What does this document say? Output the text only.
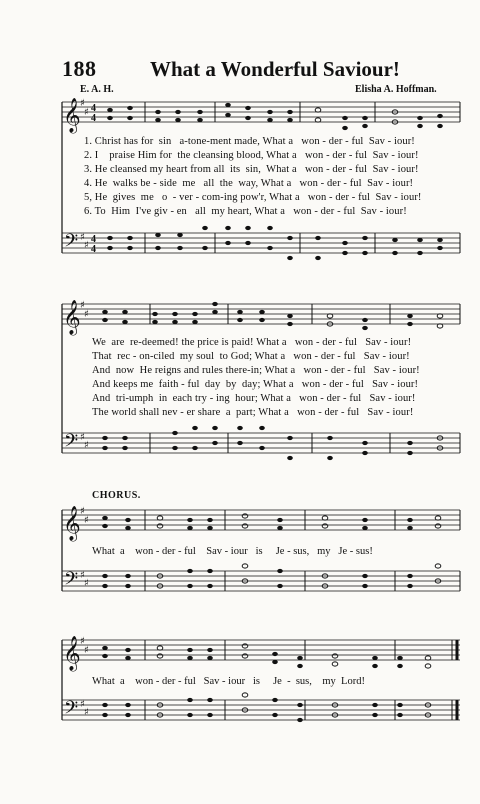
188	What a Wonderful Saviour!
E. A. H.	Elisha A. Hoffman.
𝄞
𝄢
𝄞
𝄢
𝄞
𝄢
𝄞
𝄢
♯
♯
♯
♯
♯
♯
♯
♯
♯
♯
♯
♯
♯
♯
♯
♯
4
4
4
4
1. Christ has for  sin   a-tone-ment made, What a   won - der - ful  Sav - iour!
2. I    praise Him for  the cleansing blood, What a   won - der - ful  Sav - iour!
3. He cleansed my heart from all  its  sin,  What a   won - der - ful  Sav - iour!
4. He  walks be - side  me   all  the  way, What a   won - der - ful  Sav - iour!
5, He  gives  me   o  - ver - com-ing pow'r, What a   won - der - ful  Sav - iour!
6. To  Him  I've giv - en   all  my heart, What a   won - der - ful  Sav - iour!
We  are  re-deemed! the price is paid! What a   won - der - ful   Sav - iour!
That  rec - on-ciled  my soul  to God; What a   won - der - ful   Sav - iour!
And  now  He reigns and rules there-in; What a   won - der - ful   Sav - iour!
And keeps me  faith - ful  day  by  day; What a   won - der - ful   Sav - iour!
And  tri-umph  in  each try - ing  hour; What a   won - der - ful   Sav - iour!
The world shall nev - er share  a  part; What a   won - der - ful   Sav - iour!
CHORUS.
What  a    won - der - ful    Sav - iour   is     Je - sus,   my   Je - sus!
What  a    won - der - ful   Sav - iour   is     Je  -  sus,    my  Lord!
